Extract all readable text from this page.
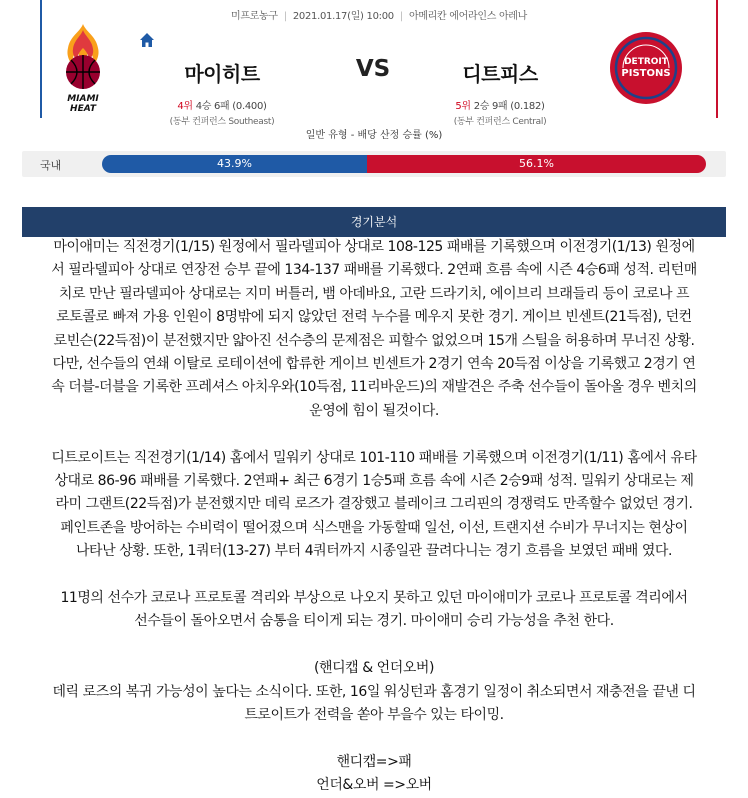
미프로농구 | 2021.01.17(일) 10:00 | 아메리칸 에어라인스 아레나
MIAMI
HEAT
마이히트
4위 4승 6패 (0.400)
(동부 컨퍼런스 Southeast)
VS	디트피스
5위 2승 9패 (0.182)
(동부 컨퍼런스 Central)
DETROIT
PISTONS
일반 유형 - 배당 산정 승률 (%)
국내	43.9%	56.1%
경기분석

마이애미는 직전경기(1/15) 원정에서 필라델피아 상대로 108-125 패배를 기록했으며 이전경기(1/13) 원정에

서 필라델피아 상대로 연장전 승부 끝에 134-137 패배를 기록했다. 2연패 흐름 속에 시즌 4승6패 성적. 리턴매

치로 만난 필라델피아 상대로는 지미 버틀러, 뱀 아데바요, 고란 드라기치, 에이브리 브래들리 등이 코로나 프

로토콜로 빠져 가용 인원이 8명밖에 되지 않았던 전력 누수를 메우지 못한 경기. 게이브 빈센트(21득점), 던컨

로빈슨(22득점)이 분전했지만 얇아진 선수층의 문제점은 피할수 없었으며 15개 스틸을 허용하며 무너진 상황.

다만, 선수들의 연쇄 이탈로 로테이션에 합류한 게이브 빈센트가 2경기 연속 20득점 이상을 기록했고 2경기 연

속 더블-더블을 기록한 프레셔스 아치우와(10득점, 11리바운드)의 재발견은 주축 선수들이 돌아올 경우 벤치의

운영에 힘이 될것이다.

디트로이트는 직전경기(1/14) 홈에서 밀워키 상대로 101-110 패배를 기록했으며 이전경기(1/11) 홈에서 유타

상대로 86-96 패배를 기록했다. 2연패+ 최근 6경기 1승5패 흐름 속에 시즌 2승9패 성적. 밀워키 상대로는 제

라미 그랜트(22득점)가 분전했지만 데릭 로즈가 결장했고 블레이크 그리핀의 경쟁력도 만족할수 없었던 경기.

페인트존을 방어하는 수비력이 떨어졌으며 식스맨을 가동할때 일선, 이선, 트랜지션 수비가 무너지는 현상이

나타난 상황. 또한, 1쿼터(13-27) 부터 4쿼터까지 시종일관 끌려다니는 경기 흐름을 보였던 패배 였다.

11명의 선수가 코로나 프로토콜 격리와 부상으로 나오지 못하고 있던 마이애미가 코로나 프로토콜 격리에서

선수들이 돌아오면서 숨통을 티이게 되는 경기. 마이애미 승리 가능성을 추천 한다.

(핸디캡 & 언더오버)

데릭 로즈의 복귀 가능성이 높다는 소식이다. 또한, 16일 워싱턴과 홈경기 일정이 취소되면서 재충전을 끝낸 디

트로이트가 전력을 쏟아 부을수 있는 타이밍.

핸디캡=>패

언더&오버 =>오버
